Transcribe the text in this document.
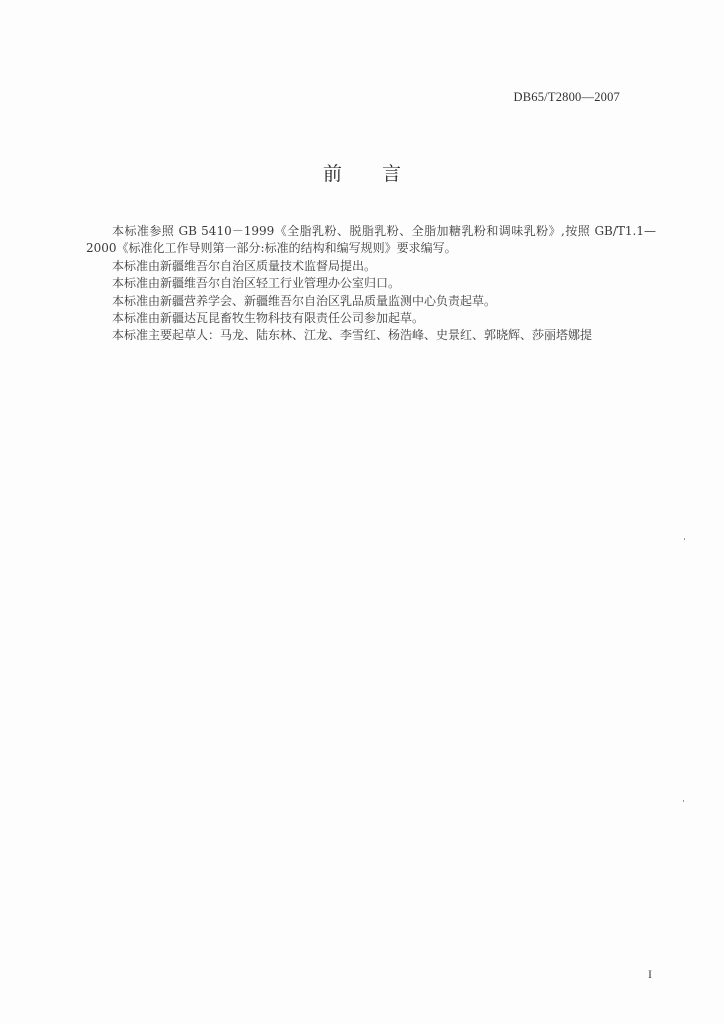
DB65/T2800—2007
前言

本标准参照 GB 5410－1999《全脂乳粉、脱脂乳粉、全脂加糖乳粉和调味乳粉》,按照 GB/T1.1—2000《标准化工作导则第一部分:标准的结构和编写规则》要求编写。

本标准由新疆维吾尔自治区质量技术监督局提出。

本标准由新疆维吾尔自治区轻工行业管理办公室归口。

本标准由新疆营养学会、新疆维吾尔自治区乳品质量监测中心负责起草。

本标准由新疆达瓦昆畜牧生物科技有限责任公司参加起草。

本标准主要起草人：马龙、陆东林、江龙、李雪红、杨浩峰、史景红、郭晓辉、莎丽塔娜提

I
